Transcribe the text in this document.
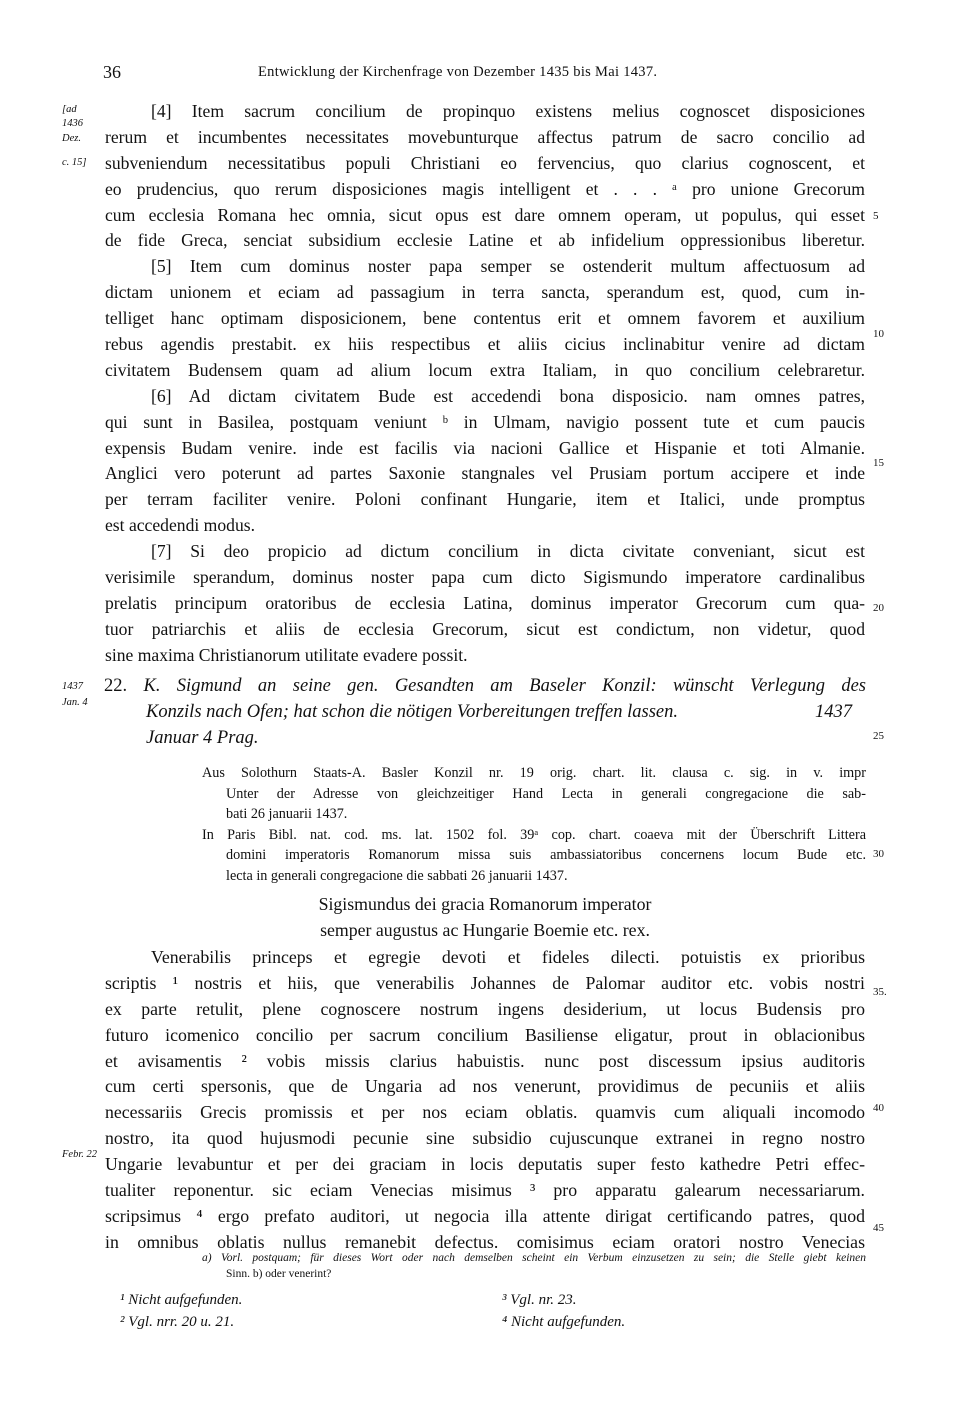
36	Entwicklung der Kirchenfrage von Dezember 1435 bis Mai 1437.
[ad
1436
Dez.
c. 15]
1437
Jan. 4
Febr. 22
5
10
15
20
25
30
35.
40
45
[4] Item sacrum concilium de propinquo existens melius cognoscet disposiciones
rerum et incumbentes necessitates movebunturque affectus patrum de sacro concilio ad
subveniendum necessitatibus populi Christiani eo fervencius, quo clarius cognoscent, et
eo prudencius, quo rerum disposiciones magis intelligent et . . . ᵃ pro unione Grecorum
cum ecclesia Romana hec omnia, sicut opus est dare omnem operam, ut populus, qui esset
de fide Greca, senciat subsidium ecclesie Latine et ab infidelium oppressionibus liberetur.
[5] Item cum dominus noster papa semper se ostenderit multum affectuosum ad
dictam unionem et eciam ad passagium in terra sancta, sperandum est, quod, cum in-
telliget hanc optimam disposicionem, bene contentus erit et omnem favorem et auxilium
rebus agendis prestabit. ex hiis respectibus et aliis cicius inclinabitur venire ad dictam
civitatem Budensem quam ad alium locum extra Italiam, in quo concilium celebraretur.
[6] Ad dictam civitatem Bude est accedendi bona disposicio. nam omnes patres,
qui sunt in Basilea, postquam veniunt ᵇ in Ulmam, navigio possent tute et cum paucis
expensis Budam venire. inde est facilis via nacioni Gallice et Hispanie et toti Almanie.
Anglici vero poterunt ad partes Saxonie stangnales vel Prusiam portum accipere et inde
per terram faciliter venire. Poloni confinant Hungarie, item et Italici, unde promptus
est accedendi modus.
[7] Si deo propicio ad dictum concilium in dicta civitate conveniant, sicut est
verisimile sperandum, dominus noster papa cum dicto Sigismundo imperatore cardinalibus
prelatis principum oratoribus de ecclesia Latina, dominus imperator Grecorum cum qua-
tuor patriarchis et aliis de ecclesia Grecorum, sicut est condictum, non videtur, quod
sine maxima Christianorum utilitate evadere possit.
22. K. Sigmund an seine gen. Gesandten am Baseler Konzil: wünscht Verlegung des
Konzils nach Ofen; hat schon die nötigen Vorbereitungen treffen lassen.	1437
Januar 4 Prag.
Aus Solothurn Staats-A. Basler Konzil nr. 19 orig. chart. lit. clausa c. sig. in v. impr
Unter der Adresse von gleichzeitiger Hand Lecta in generali congregacione die sab-
bati 26 januarii 1437.
In Paris Bibl. nat. cod. ms. lat. 1502 fol. 39ᵃ cop. chart. coaeva mit der Überschrift Littera
domini imperatoris Romanorum missa suis ambassiatoribus concernens locum Bude etc.
lecta in generali congregacione die sabbati 26 januarii 1437.
Sigismundus dei gracia Romanorum imperator
semper augustus ac Hungarie Boemie etc. rex.
Venerabilis princeps et egregie devoti et fideles dilecti. potuistis ex prioribus
scriptis ¹ nostris et hiis, que venerabilis Johannes de Palomar auditor etc. vobis nostri
ex parte retulit, plene cognoscere nostrum ingens desiderium, ut locus Budensis pro
futuro icomenico concilio per sacrum concilium Basiliense eligatur, prout in oblacionibus
et avisamentis ² vobis missis clarius habuistis. nunc post discessum ipsius auditoris
cum certi spersonis, que de Ungaria ad nos venerunt, providimus de pecuniis et aliis
necessariis Grecis promissis et per nos eciam oblatis. quamvis cum aliquali incomodo
nostro, ita quod hujusmodi pecunie sine subsidio cujuscunque extranei in regno nostro
Ungarie levabuntur et per dei graciam in locis deputatis super festo kathedre Petri effec-
tualiter reponentur. sic eciam Venecias misimus ³ pro apparatu galearum necessariarum.
scripsimus ⁴ ergo prefato auditori, ut negocia illa attente dirigat certificando patres, quod
in omnibus oblatis nullus remanebit defectus. comisimus eciam oratori nostro Venecias
a) Vorl. postquam; für dieses Wort oder nach demselben scheint ein Verbum einzusetzen zu sein; die Stelle giebt keinen
Sinn. b) oder venerint?
¹ Nicht aufgefunden.
² Vgl. nrr. 20 u. 21.
³ Vgl. nr. 23.
⁴ Nicht aufgefunden.
